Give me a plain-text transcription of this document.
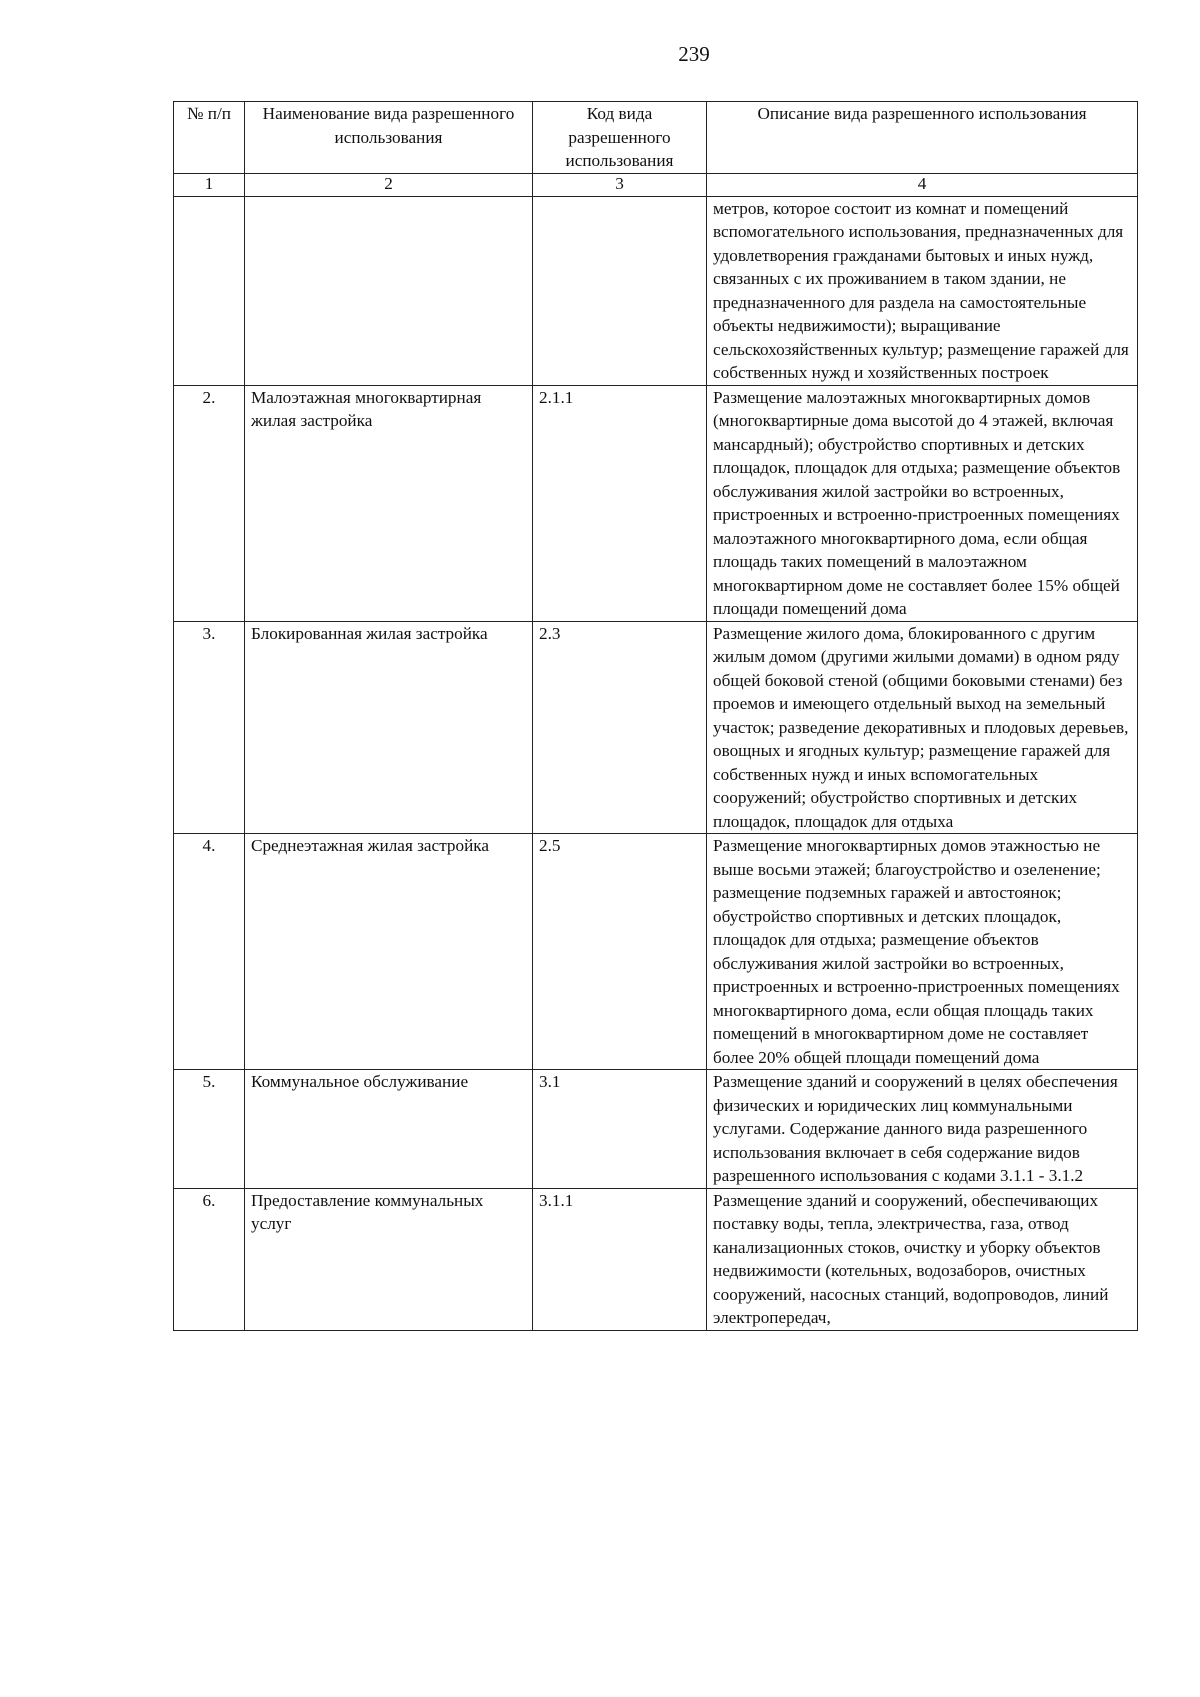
239
№ п/п	Наименование вида разрешенного использования	Код вида разрешенного использования	Описание вида разрешенного использования
1	2	3	4
			метров, которое состоит из комнат и помещений вспомогательного использования, предназначенных для удовлетворения гражданами бытовых и иных нужд, связанных с их проживанием в таком здании, не предназначенного для раздела на самостоятельные объекты недвижимости); выращивание сельскохозяйственных культур; размещение гаражей для собственных нужд и хозяйственных построек
2.	Малоэтажная многоквартирная жилая застройка	2.1.1	Размещение малоэтажных многоквартирных домов (многоквартирные дома высотой до 4 этажей, включая мансардный); обустройство спортивных и детских площадок, площадок для отдыха; размещение объектов обслуживания жилой застройки во встроенных, пристроенных и встроенно-пристроенных помещениях малоэтажного многоквартирного дома, если общая площадь таких помещений в малоэтажном многоквартирном доме не составляет более 15% общей площади помещений дома
3.	Блокированная жилая застройка	2.3	Размещение жилого дома, блокированного с другим жилым домом (другими жилыми домами) в одном ряду общей боковой стеной (общими боковыми стенами) без проемов и имеющего отдельный выход на земельный участок; разведение декоративных и плодовых деревьев, овощных и ягодных культур; размещение гаражей для собственных нужд и иных вспомогательных сооружений; обустройство спортивных и детских площадок, площадок для отдыха
4.	Среднеэтажная жилая застройка	2.5	Размещение многоквартирных домов этажностью не выше восьми этажей; благоустройство и озеленение; размещение подземных гаражей и автостоянок; обустройство спортивных и детских площадок, площадок для отдыха; размещение объектов обслуживания жилой застройки во встроенных, пристроенных и встроенно-пристроенных помещениях многоквартирного дома, если общая площадь таких помещений в многоквартирном доме не составляет более 20% общей площади помещений дома
5.	Коммунальное обслуживание	3.1	Размещение зданий и сооружений в целях обеспечения физических и юридических лиц коммунальными услугами. Содержание данного вида разрешенного использования включает в себя содержание видов разрешенного использования с кодами 3.1.1 - 3.1.2
6.	Предоставление коммунальных услуг	3.1.1	Размещение зданий и сооружений, обеспечивающих поставку воды, тепла, электричества, газа, отвод канализационных стоков, очистку и уборку объектов недвижимости (котельных, водозаборов, очистных сооружений, насосных станций, водопроводов, линий электропередач,
